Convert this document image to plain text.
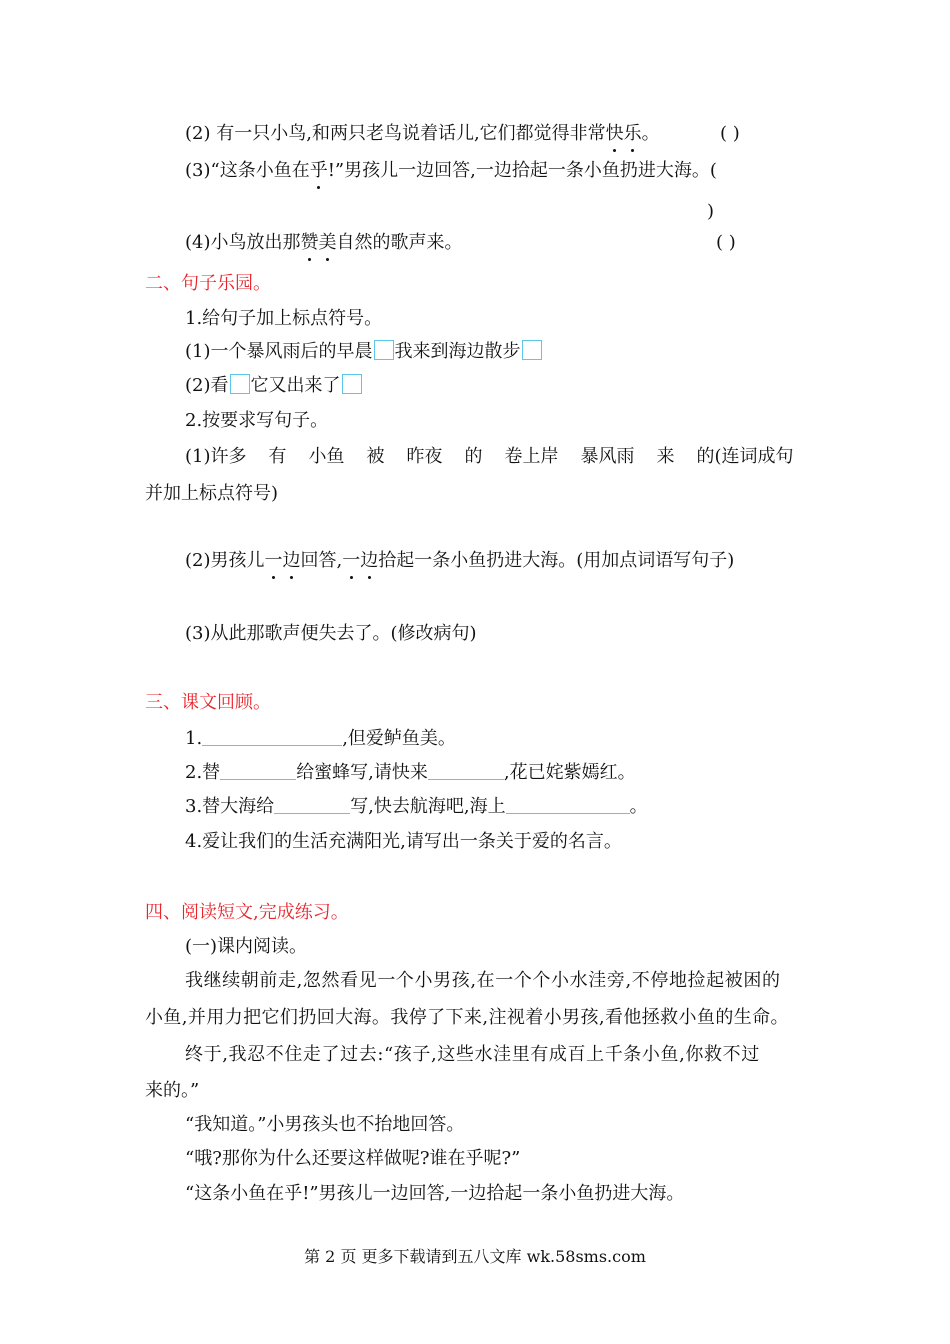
(2) 有一只小鸟,和两只老鸟说着话儿,它们都觉得非常快乐。	( )
(3)“这条小鱼在乎!”男孩儿一边回答,一边拾起一条小鱼扔进大海。(
)
(4)小鸟放出那赞美自然的歌声来。	( )
二、句子乐园。
1.给句子加上标点符号。
(1)一个暴风雨后的早晨 我来到海边散步
(2)看 它又出来了
2.按要求写句子。
(1)许多 有 小鱼 被 昨夜 的 卷上岸 暴风雨 来 的(连词成句
并加上标点符号)
(2)男孩儿一边回答,一边拾起一条小鱼扔进大海。(用加点词语写句子)
(3)从此那歌声便失去了。(修改病句)
三、课文回顾。
1.	,但爱鲈鱼美。
2.替	给蜜蜂写,请快来	,花已姹紫嫣红。
3.替大海给	写,快去航海吧,海上	。
4.爱让我们的生活充满阳光,请写出一条关于爱的名言。
四、阅读短文,完成练习。
(一)课内阅读。
我继续朝前走,忽然看见一个小男孩,在一个个小水洼旁,不停地捡起被困的
小鱼,并用力把它们扔回大海。我停了下来,注视着小男孩,看他拯救小鱼的生命。
终于,我忍不住走了过去:“孩子,这些水洼里有成百上千条小鱼,你救不过
来的。”
“我知道。”小男孩头也不抬地回答。
“哦?那你为什么还要这样做呢?谁在乎呢?”
“这条小鱼在乎!”男孩儿一边回答,一边拾起一条小鱼扔进大海。
第 2 页 更多下载请到五八文库 wk.58sms.com
